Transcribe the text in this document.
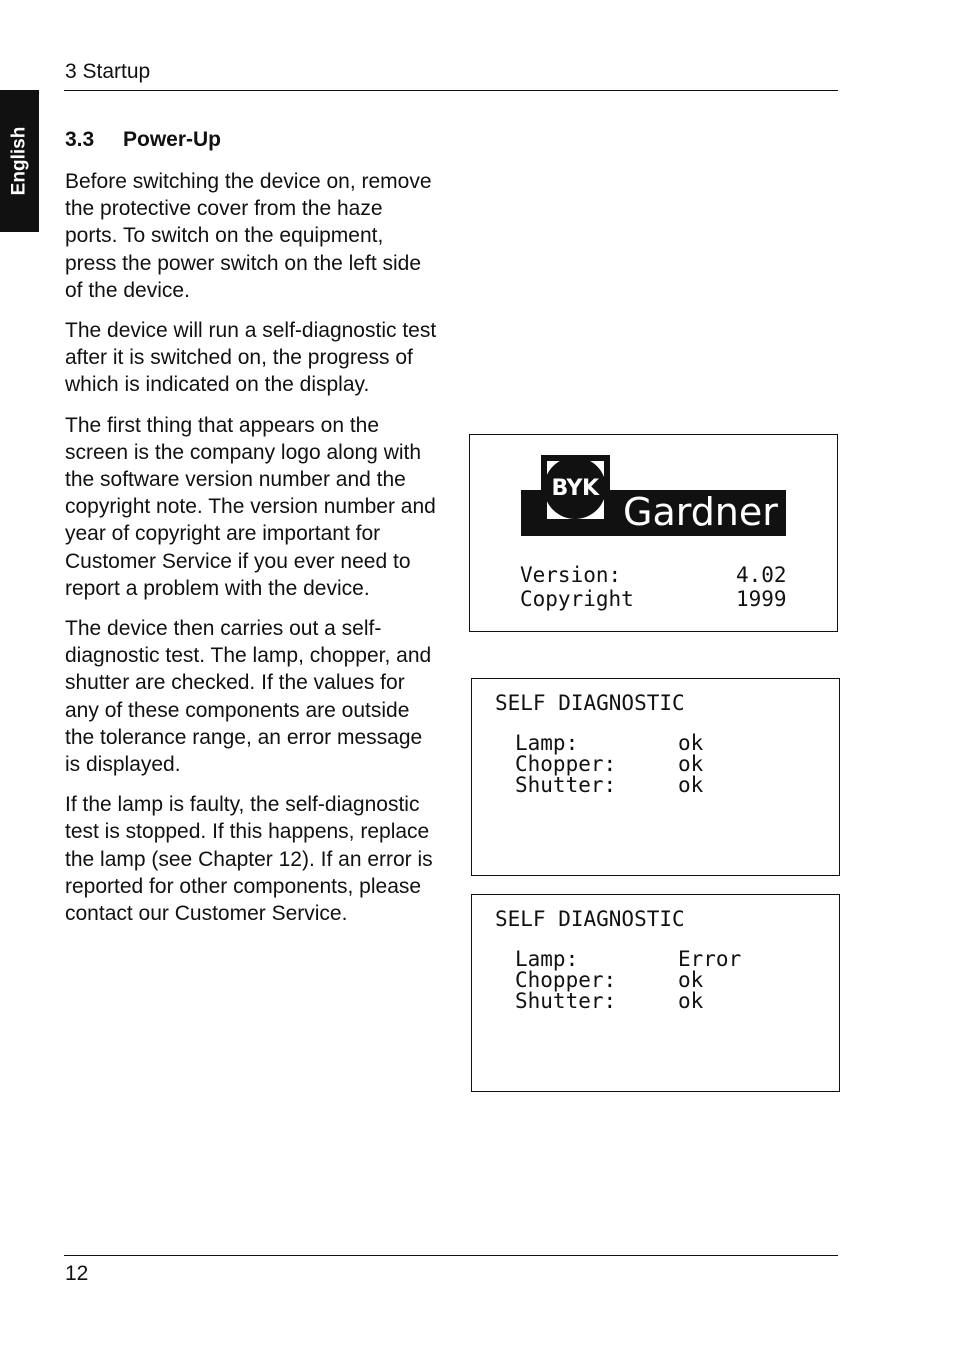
3 Startup
English 3.3 Power-Up

Before switching the device on, remove the protective cover from the haze ports. To switch on the equipment, press the power switch on the left side of the device.

The device will run a self-diagnostic test after it is switched on, the progress of which is indicated on the display.

The first thing that appears on the screen is the company logo along with the software version number and the copyright note. The version number and year of copyright are important for Customer Service if you ever need to report a problem with the device.

The device then carries out a self-diagnostic test. The lamp, chopper, and shutter are checked. If the values for any of these components are outside the tolerance range, an error message is displayed.

If the lamp is faulty, the self-diagnostic test is stopped. If this happens, replace the lamp (see Chapter 12). If an error is reported for other components, please contact our Customer Service.

BYK
Gardner
Version:	4.02
Copyright	1999
SELF DIAGNOSTIC
Lamp:	ok
Chopper:	ok
Shutter:	ok
SELF DIAGNOSTIC
Lamp:	Error
Chopper:	ok
Shutter:	ok
12
